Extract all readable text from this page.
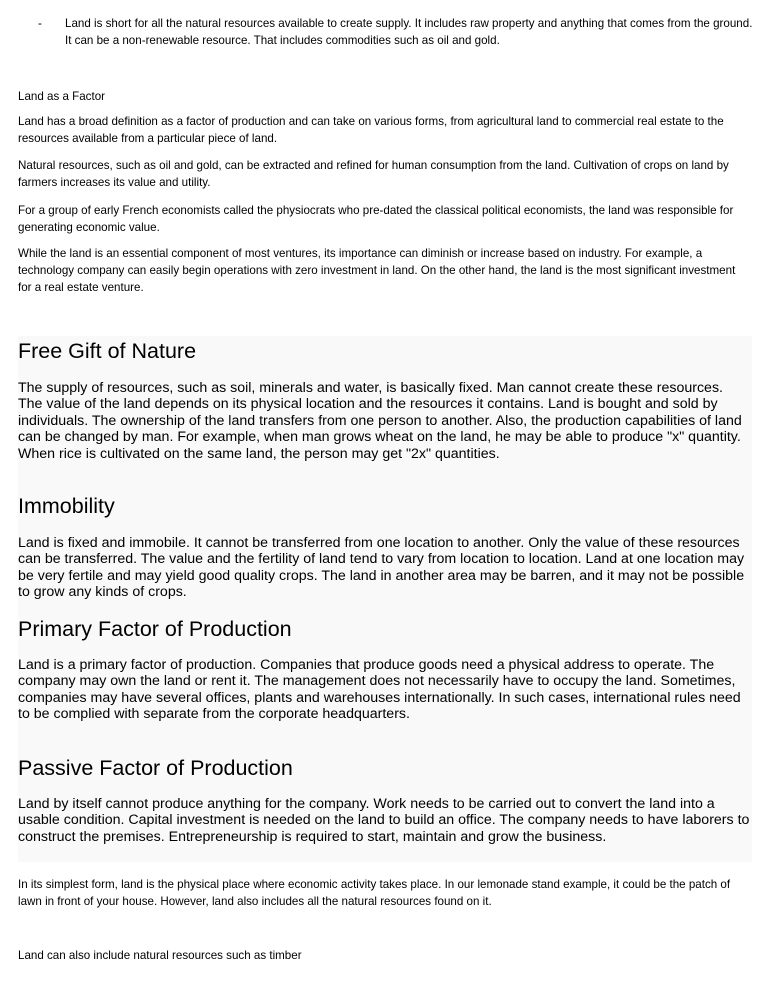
- Land is short for all the natural resources available to create supply. It includes raw property and anything that comes from the ground. It can be a non-renewable resource. That includes commodities such as oil and gold.

Land as a Factor

Land has a broad definition as a factor of production and can take on various forms, from agricultural land to commercial real estate to the resources available from a particular piece of land.

Natural resources, such as oil and gold, can be extracted and refined for human consumption from the land. Cultivation of crops on land by farmers increases its value and utility.

For a group of early French economists called the physiocrats who pre-dated the classical political economists, the land was responsible for generating economic value.

While the land is an essential component of most ventures, its importance can diminish or increase based on industry. For example, a technology company can easily begin operations with zero investment in land. On the other hand, the land is the most significant investment for a real estate venture.

Free Gift of Nature

The supply of resources, such as soil, minerals and water, is basically fixed. Man cannot create these resources. The value of the land depends on its physical location and the resources it contains. Land is bought and sold by individuals. The ownership of the land transfers from one person to another. Also, the production capabilities of land can be changed by man. For example, when man grows wheat on the land, he may be able to produce "x" quantity. When rice is cultivated on the same land, the person may get "2x" quantities.

Immobility

Land is fixed and immobile. It cannot be transferred from one location to another. Only the value of these resources can be transferred. The value and the fertility of land tend to vary from location to location. Land at one location may be very fertile and may yield good quality crops. The land in another area may be barren, and it may not be possible to grow any kinds of crops.

Primary Factor of Production

Land is a primary factor of production. Companies that produce goods need a physical address to operate. The company may own the land or rent it. The management does not necessarily have to occupy the land. Sometimes, companies may have several offices, plants and warehouses internationally. In such cases, international rules need to be complied with separate from the corporate headquarters.

Passive Factor of Production

Land by itself cannot produce anything for the company. Work needs to be carried out to convert the land into a usable condition. Capital investment is needed on the land to build an office. The company needs to have laborers to construct the premises. Entrepreneurship is required to start, maintain and grow the business.

In its simplest form, land is the physical place where economic activity takes place. In our lemonade stand example, it could be the patch of lawn in front of your house. However, land also includes all the natural resources found on it.

Land can also include natural resources such as timber
